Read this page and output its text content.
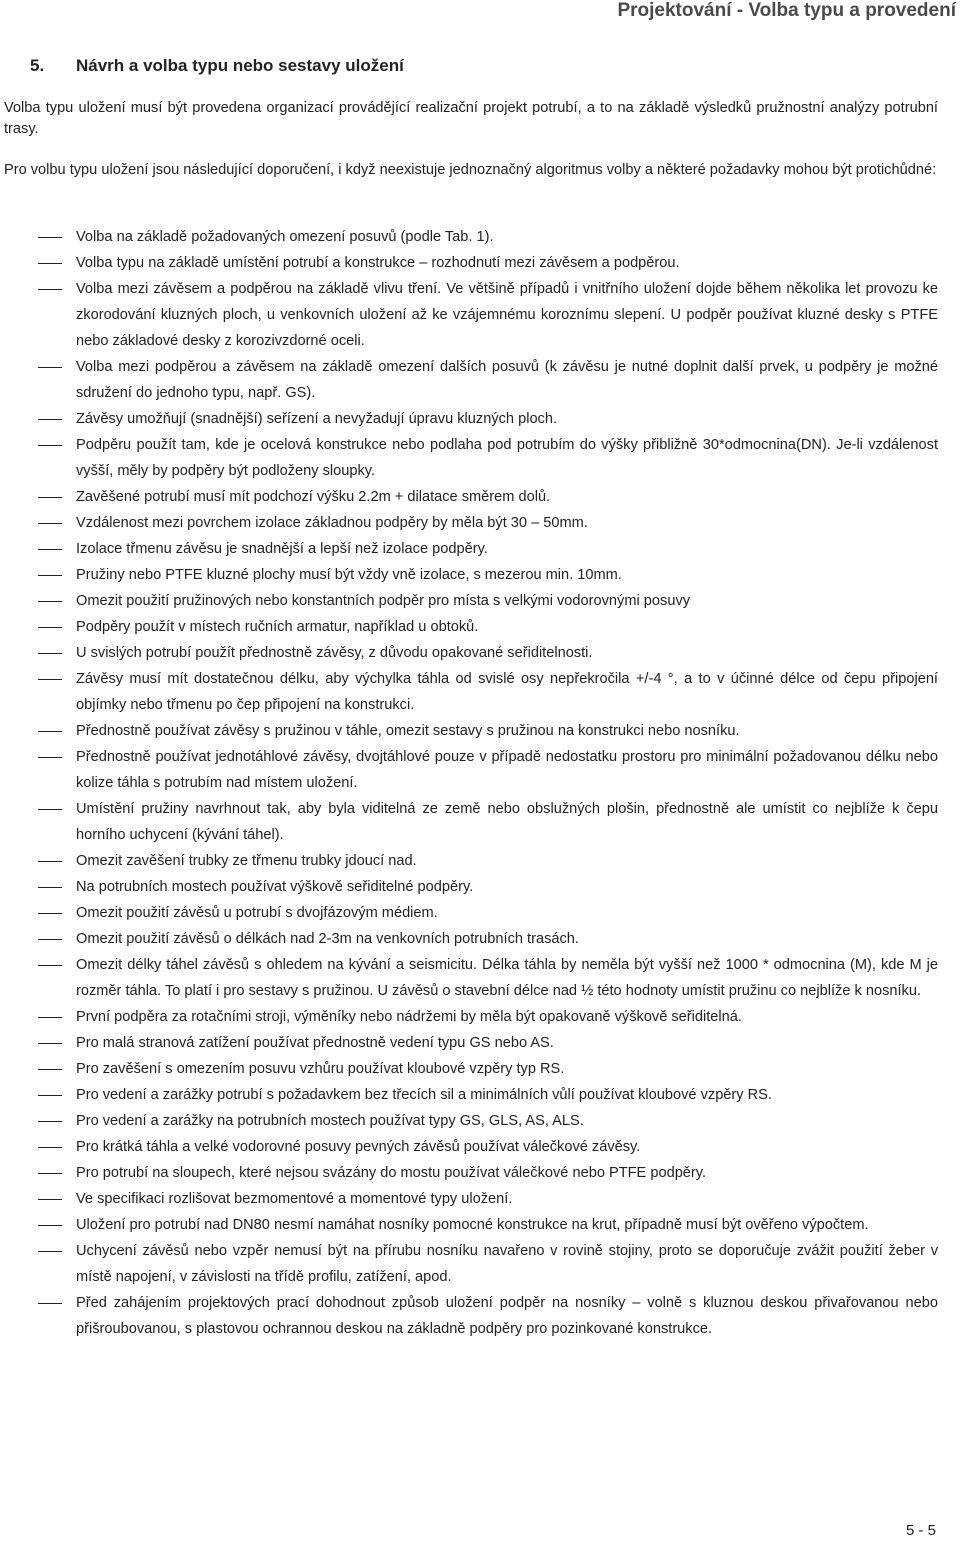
Projektování - Volba typu a provedení
5. Návrh a volba typu nebo sestavy uložení

Volba typu uložení musí být provedena organizací provádějící realizační projekt potrubí, a to na základě výsledků pružnostní analýzy potrubní trasy.

Pro volbu typu uložení jsou následující doporučení, i když neexistuje jednoznačný algoritmus volby a některé požadavky mohou být protichůdné:

Volba na základě požadovaných omezení posuvů (podle Tab. 1).
Volba typu na základě umístění potrubí a konstrukce – rozhodnutí mezi závěsem a podpěrou.
Volba mezi závěsem a podpěrou na základě vlivu tření. Ve většině případů i vnitřního uložení dojde během několika let provozu ke zkorodování kluzných ploch, u venkovních uložení až ke vzájemnému koroznímu slepení. U podpěr používat kluzné desky s PTFE nebo základové desky z korozivzdorné oceli.
Volba mezi podpěrou a závěsem na základě omezení dalších posuvů (k závěsu je nutné doplnit další prvek, u podpěry je možné sdružení do jednoho typu, např. GS).
Závěsy umožňují (snadnější) seřízení a nevyžadují úpravu kluzných ploch.
Podpěru použít tam, kde je ocelová konstrukce nebo podlaha pod potrubím do výšky přibližně 30*odmocnina(DN). Je-li vzdálenost vyšší, měly by podpěry být podloženy sloupky.
Zavěšené potrubí musí mít podchozí výšku 2.2m + dilatace směrem dolů.
Vzdálenost mezi povrchem izolace základnou podpěry by měla být 30 – 50mm.
Izolace třmenu závěsu je snadnější a lepší než izolace podpěry.
Pružiny nebo PTFE kluzné plochy musí být vždy vně izolace, s mezerou min. 10mm.
Omezit použití pružinových nebo konstantních podpěr pro místa s velkými vodorovnými posuvy
Podpěry použít v místech ručních armatur, například u obtoků.
U svislých potrubí použít přednostně závěsy, z důvodu opakované seřiditelnosti.
Závěsy musí mít dostatečnou délku, aby výchylka táhla od svislé osy nepřekročila +/-4 °, a to v účinné délce od čepu připojení objímky nebo třmenu po čep připojení na konstrukci.
Přednostně používat závěsy s pružinou v táhle, omezit sestavy s pružinou na konstrukci nebo nosníku.
Přednostně používat jednotáhlové závěsy, dvojtáhlové pouze v případě nedostatku prostoru pro minimální požadovanou délku nebo kolize táhla s potrubím nad místem uložení.
Umístění pružiny navrhnout tak, aby byla viditelná ze země nebo obslužných plošin, přednostně ale umístit co nejblíže k čepu horního uchycení (kývání táhel).
Omezit zavěšení trubky ze třmenu trubky jdoucí nad.
Na potrubních mostech používat výškově seřiditelné podpěry.
Omezit použití závěsů u potrubí s dvojfázovým médiem.
Omezit použití závěsů o délkách nad 2-3m na venkovních potrubních trasách.
Omezit délky táhel závěsů s ohledem na kývání a seismicitu. Délka táhla by neměla být vyšší než 1000 * odmocnina (M), kde M je rozměr táhla. To platí i pro sestavy s pružinou. U závěsů o stavební délce nad ½ této hodnoty umístit pružinu co nejblíže k nosníku.
První podpěra za rotačními stroji, výměníky nebo nádržemi by měla být opakovaně výškově seřiditelná.
Pro malá stranová zatížení používat přednostně vedení typu GS nebo AS.
Pro zavěšení s omezením posuvu vzhůru používat kloubové vzpěry typ RS.
Pro vedení a zarážky potrubí s požadavkem bez třecích sil a minimálních vůlí používat kloubové vzpěry RS.
Pro vedení a zarážky na potrubních mostech používat typy GS, GLS, AS, ALS.
Pro krátká táhla a velké vodorovné posuvy pevných závěsů používat válečkové závěsy.
Pro potrubí na sloupech, které nejsou svázány do mostu používat válečkové nebo PTFE podpěry.
Ve specifikaci rozlišovat bezmomentové a momentové typy uložení.
Uložení pro potrubí nad DN80 nesmí namáhat nosníky pomocné konstrukce na krut, případně musí být ověřeno výpočtem.
Uchycení závěsů nebo vzpěr nemusí být na přírubu nosníku navařeno v rovině stojiny, proto se doporučuje zvážit použití žeber v místě napojení, v závislosti na třídě profilu, zatížení, apod.
Před zahájením projektových prací dohodnout způsob uložení podpěr na nosníky – volně s kluznou deskou přivařovanou nebo přišroubovanou, s plastovou ochrannou deskou na základně podpěry pro pozinkované konstrukce.
5 - 5
